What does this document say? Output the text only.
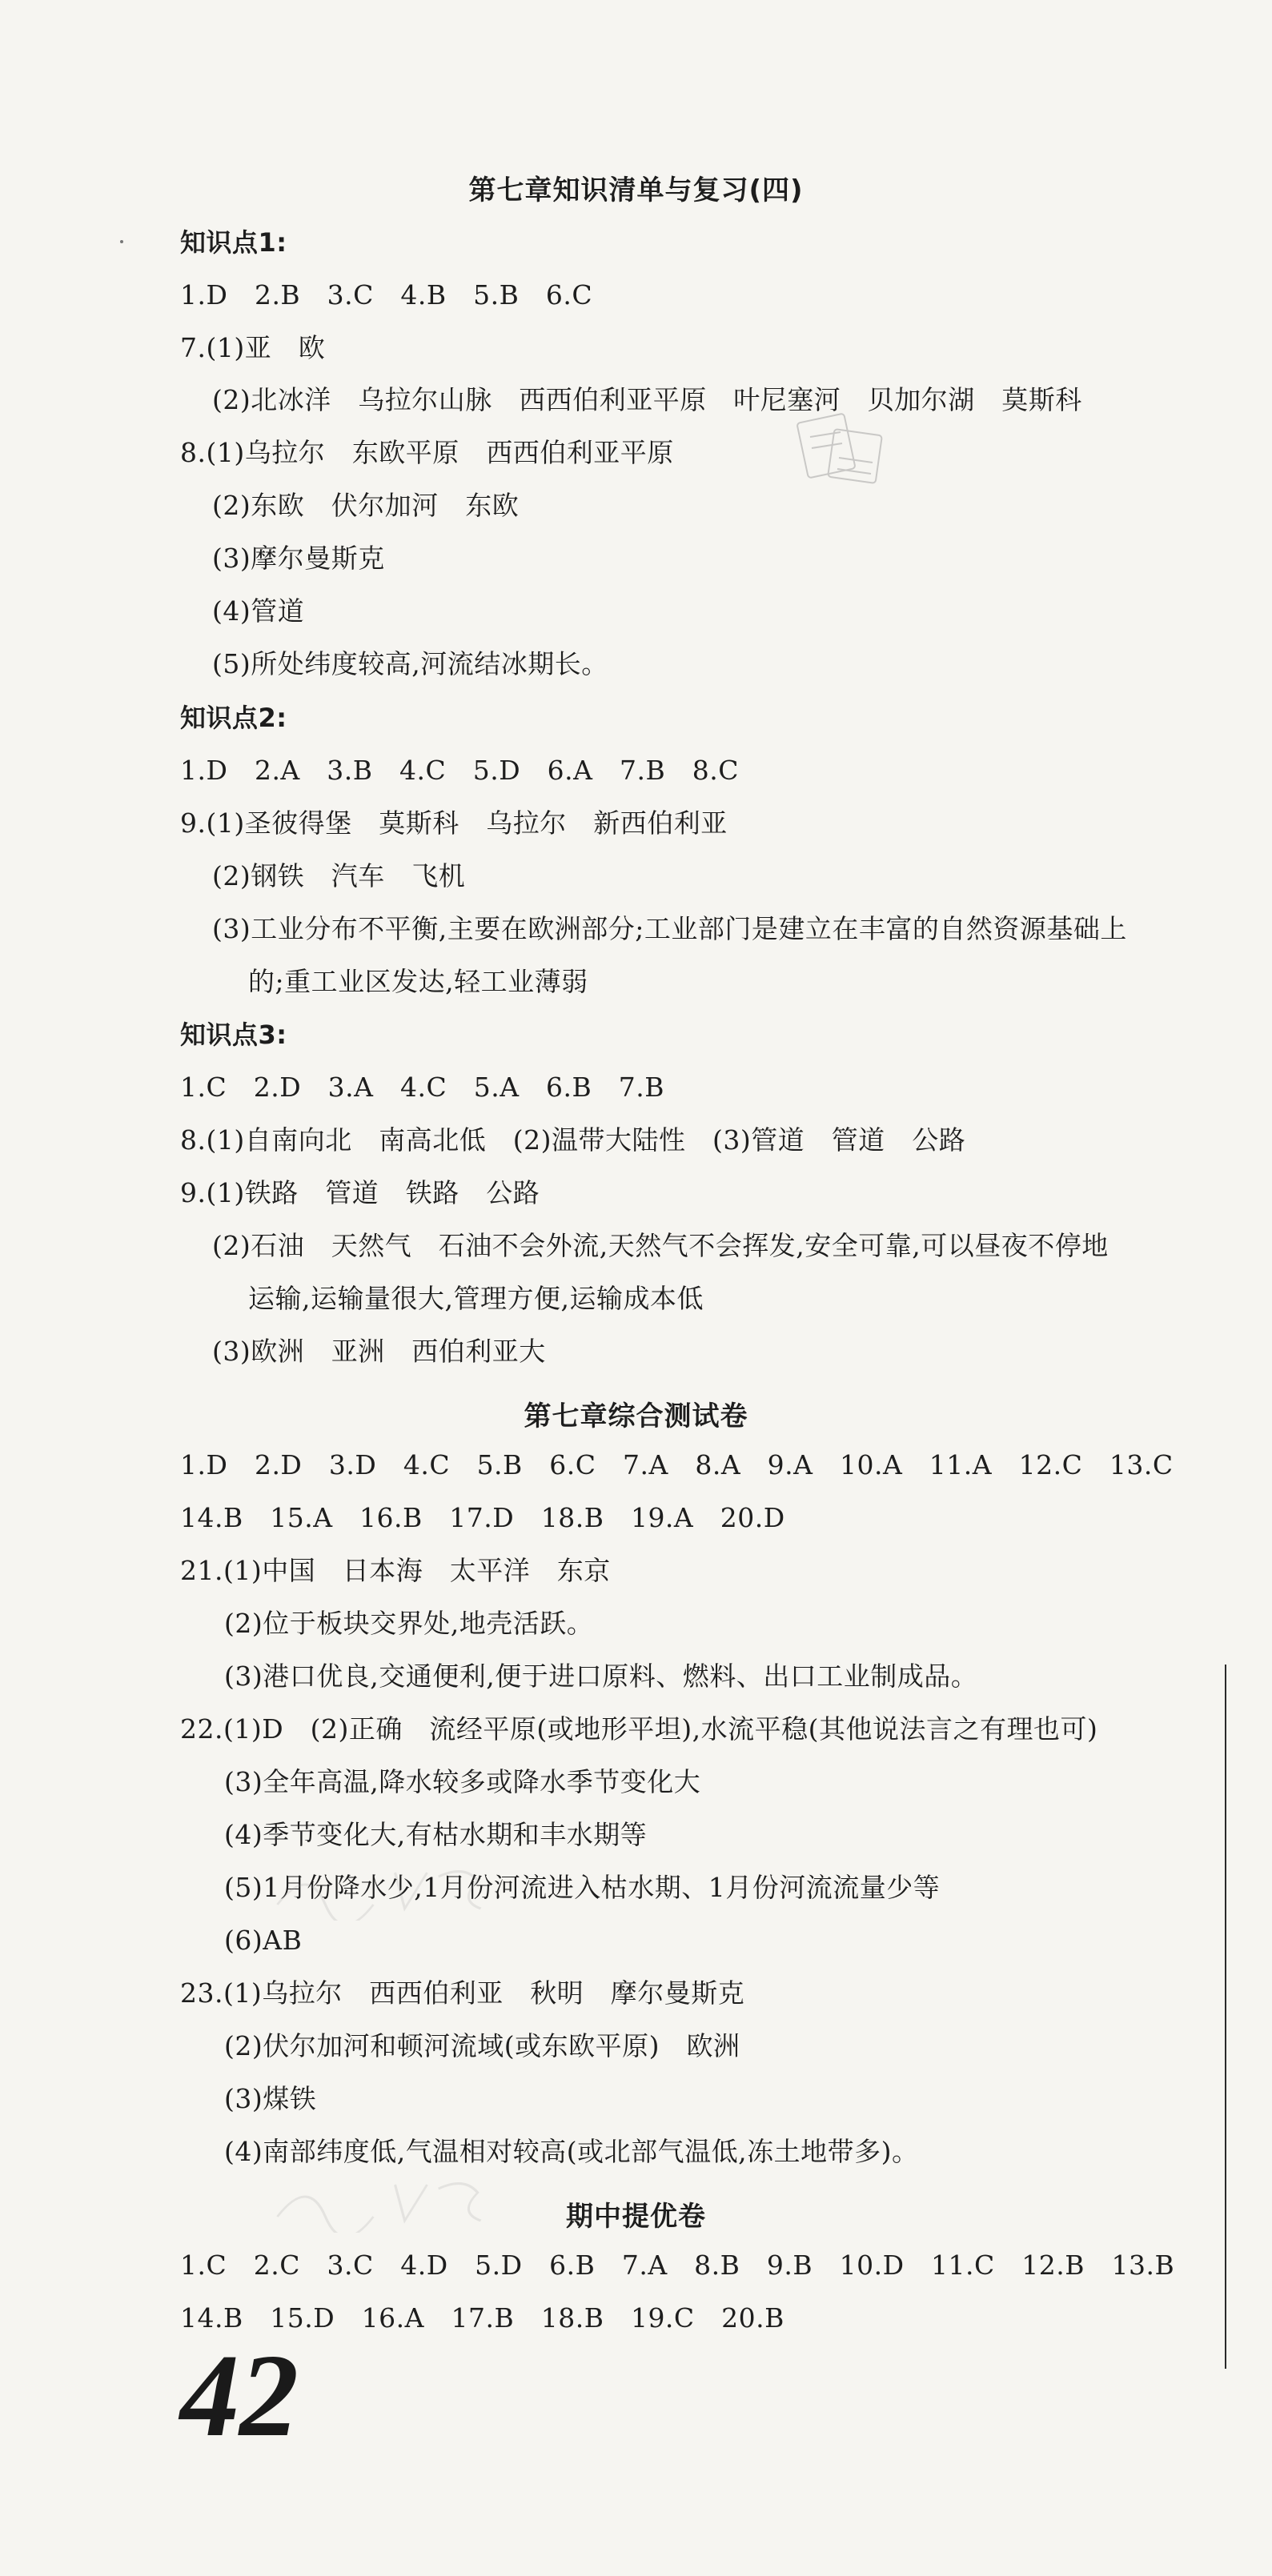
第七章知识清单与复习(四)
知识点1:
1.D　2.B　3.C　4.B　5.B　6.C
7.(1)亚　欧
(2)北冰洋　乌拉尔山脉　西西伯利亚平原　叶尼塞河　贝加尔湖　莫斯科
8.(1)乌拉尔　东欧平原　西西伯利亚平原
(2)东欧　伏尔加河　东欧
(3)摩尔曼斯克
(4)管道
(5)所处纬度较高,河流结冰期长。
知识点2:
1.D　2.A　3.B　4.C　5.D　6.A　7.B　8.C
9.(1)圣彼得堡　莫斯科　乌拉尔　新西伯利亚
(2)钢铁　汽车　飞机
(3)工业分布不平衡,主要在欧洲部分;工业部门是建立在丰富的自然资源基础上
的;重工业区发达,轻工业薄弱
知识点3:
1.C　2.D　3.A　4.C　5.A　6.B　7.B
8.(1)自南向北　南高北低　(2)温带大陆性　(3)管道　管道　公路
9.(1)铁路　管道　铁路　公路
(2)石油　天然气　石油不会外流,天然气不会挥发,安全可靠,可以昼夜不停地
运输,运输量很大,管理方便,运输成本低
(3)欧洲　亚洲　西伯利亚大
第七章综合测试卷
1.D　2.D　3.D　4.C　5.B　6.C　7.A　8.A　9.A　10.A　11.A　12.C　13.C
14.B　15.A　16.B　17.D　18.B　19.A　20.D
21.(1)中国　日本海　太平洋　东京
(2)位于板块交界处,地壳活跃。
(3)港口优良,交通便利,便于进口原料、燃料、出口工业制成品。
22.(1)D　(2)正确　流经平原(或地形平坦),水流平稳(其他说法言之有理也可)
(3)全年高温,降水较多或降水季节变化大
(4)季节变化大,有枯水期和丰水期等
(5)1月份降水少,1月份河流进入枯水期、1月份河流流量少等
(6)AB
23.(1)乌拉尔　西西伯利亚　秋明　摩尔曼斯克
(2)伏尔加河和顿河流域(或东欧平原)　欧洲
(3)煤铁
(4)南部纬度低,气温相对较高(或北部气温低,冻土地带多)。
期中提优卷
1.C　2.C　3.C　4.D　5.D　6.B　7.A　8.B　9.B　10.D　11.C　12.B　13.B
14.B　15.D　16.A　17.B　18.B　19.C　20.B
42
